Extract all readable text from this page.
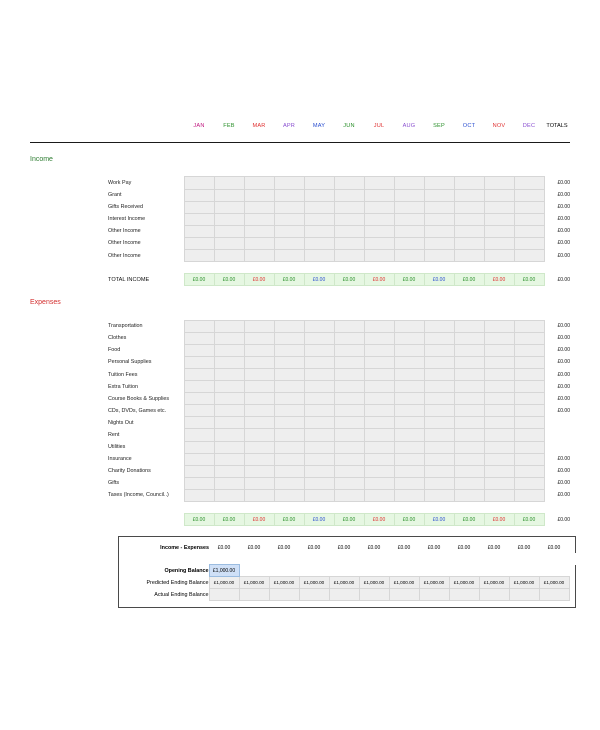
		JAN	FEB	MAR	APR	MAY	JUN	JUL	AUG	SEP	OCT	NOV	DEC	TOTALS

Income														

	Work Pay													£0.00
	Grant													£0.00
	Gifts Received													£0.00
	Interest Income													£0.00
	Other Income													£0.00
	Other Income													£0.00
	Other Income													£0.00

	TOTAL INCOME	£0.00	£0.00	£0.00	£0.00	£0.00	£0.00	£0.00	£0.00	£0.00	£0.00	£0.00	£0.00	£0.00

Expenses														

	Transportation													£0.00
	Clothes													£0.00
	Food													£0.00
	Personal Supplies													£0.00
	Tuition Fees													£0.00
	Extra Tuition													£0.00
	Course Books & Supplies													£0.00
	CDs, DVDs, Games etc.													£0.00
	Nights Out													
	Rent													
	Utilities													
	Insurance													£0.00
	Charity Donations													£0.00
	Gifts													£0.00
	Taxes (Income, Council..)													£0.00

		£0.00	£0.00	£0.00	£0.00	£0.00	£0.00	£0.00	£0.00	£0.00	£0.00	£0.00	£0.00	£0.00
Income - Expenses	£0.00	£0.00	£0.00	£0.00	£0.00	£0.00	£0.00	£0.00	£0.00	£0.00	£0.00	£0.00	

Opening Balance	£1,000.00												
Predicted Ending Balance	£1,000.00	£1,000.00	£1,000.00	£1,000.00	£1,000.00	£1,000.00	£1,000.00	£1,000.00	£1,000.00	£1,000.00	£1,000.00	£1,000.00	
Actual Ending Balance													
